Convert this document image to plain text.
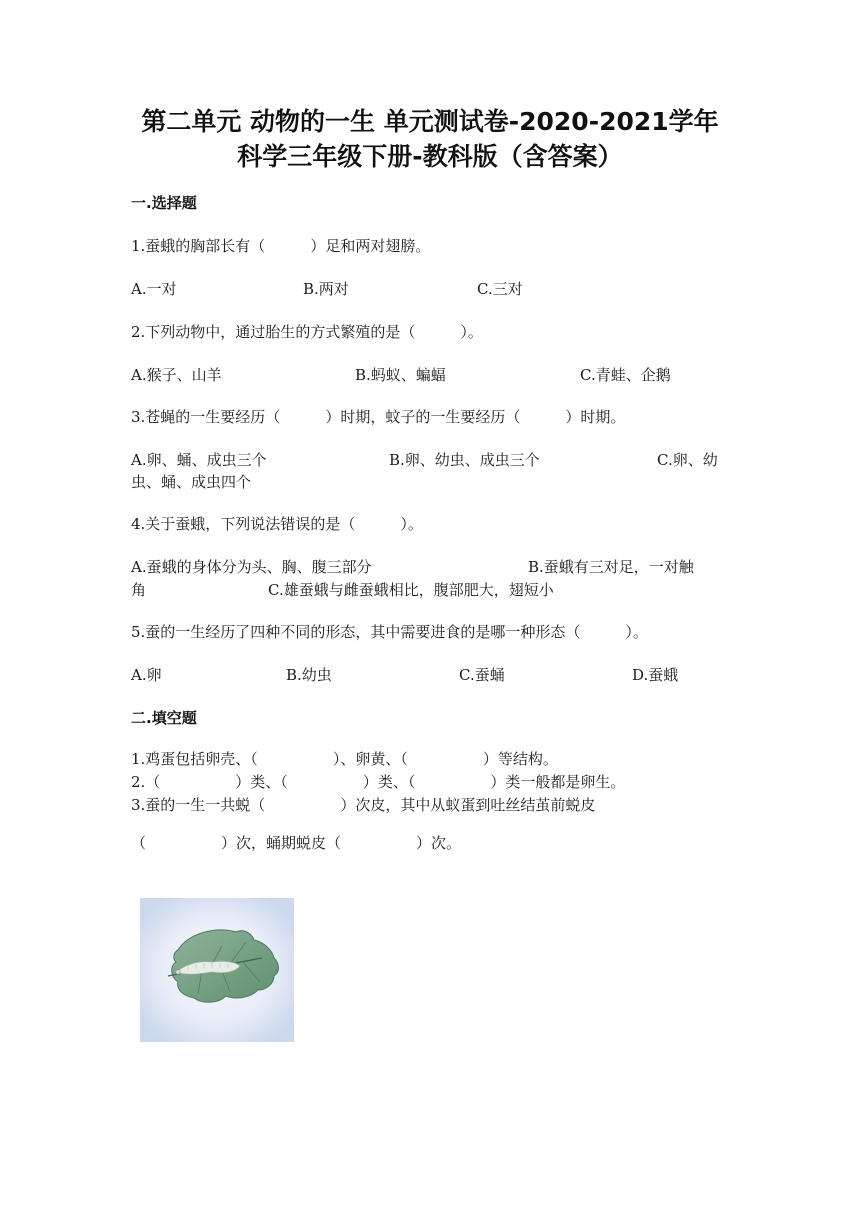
第二单元 动物的一生 单元测试卷-2020-2021学年
科学三年级下册-教科版（含答案）
一.选择题
1.蚕蛾的胸部长有（　　　）足和两对翅膀。
A.一对	B.两对	C.三对
2.下列动物中，通过胎生的方式繁殖的是（　　　）。
A.猴子、山羊	B.蚂蚁、蝙蝠	C.青蛙、企鹅
3.苍蝇的一生要经历（　　　）时期，蚊子的一生要经历（　　　）时期。
A.卵、蛹、成虫三个	B.卵、幼虫、成虫三个	C.卵、幼
虫、蛹、成虫四个
4.关于蚕蛾，下列说法错误的是（　　　）。
A.蚕蛾的身体分为头、胸、腹三部分	B.蚕蛾有三对足，一对触
角	C.雄蚕蛾与雌蚕蛾相比，腹部肥大，翅短小
5.蚕的一生经历了四种不同的形态，其中需要进食的是哪一种形态（　　　）。
A.卵	B.幼虫	C.蚕蛹	D.蚕蛾
二.填空题
1.鸡蛋包括卵壳、（　　　　　）、卵黄、（　　　　　）等结构。
2.（　　　　　）类、（　　　　　）类、（　　　　　）类一般都是卵生。
3.蚕的一生一共蜕（　　　　　）次皮，其中从蚁蛋到吐丝结茧前蜕皮
（　　　　　）次，蛹期蜕皮（　　　　　）次。
